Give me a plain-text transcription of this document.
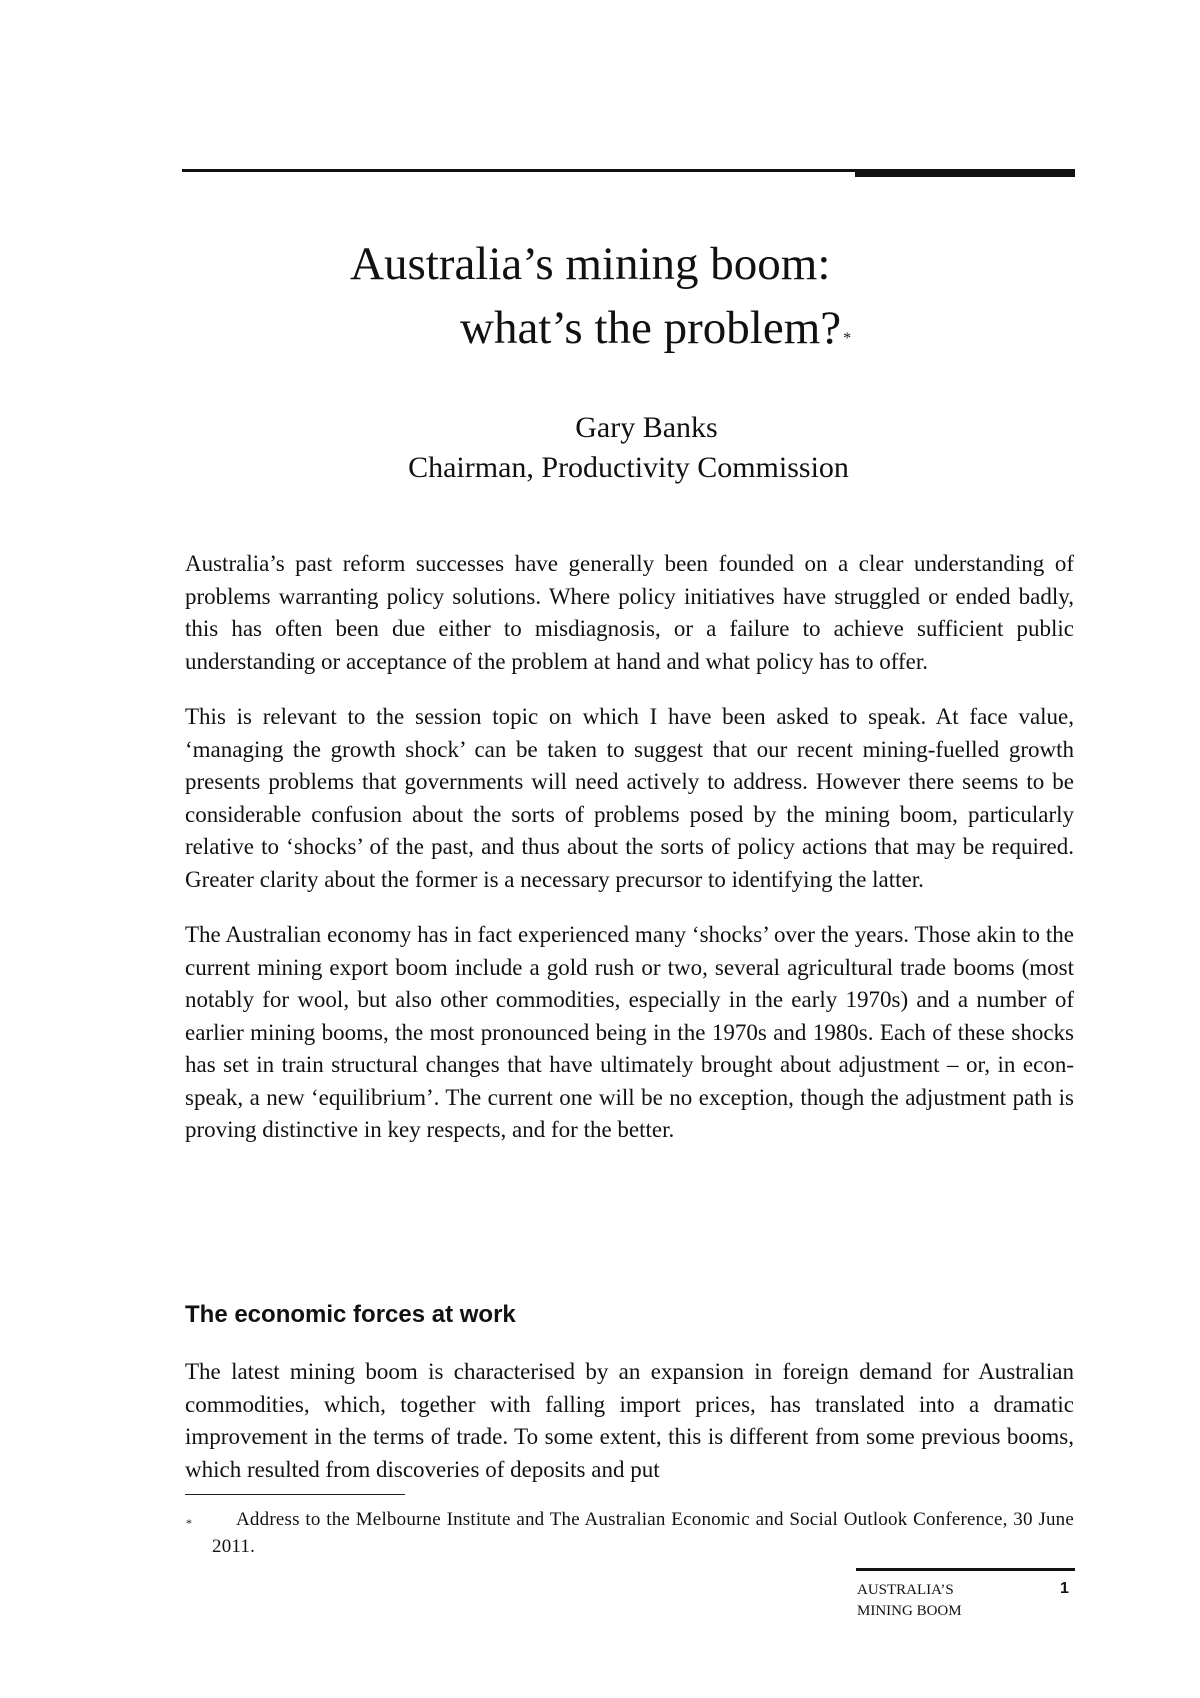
Australia’s mining boom:
what’s the problem? *
Gary Banks
Chairman, Productivity Commission

Australia’s past reform successes have generally been founded on a clear understanding of problems warranting policy solutions. Where policy initiatives have struggled or ended badly, this has often been due either to misdiagnosis, or a failure to achieve sufficient public understanding or acceptance of the problem at hand and what policy has to offer.

This is relevant to the session topic on which I have been asked to speak. At face value, ‘managing the growth shock’ can be taken to suggest that our recent mining-fuelled growth presents problems that governments will need actively to address. However there seems to be considerable confusion about the sorts of problems posed by the mining boom, particularly relative to ‘shocks’ of the past, and thus about the sorts of policy actions that may be required. Greater clarity about the former is a necessary precursor to identifying the latter.

The Australian economy has in fact experienced many ‘shocks’ over the years. Those akin to the current mining export boom include a gold rush or two, several agricultural trade booms (most notably for wool, but also other commodities, especially in the early 1970s) and a number of earlier mining booms, the most pronounced being in the 1970s and 1980s. Each of these shocks has set in train structural changes that have ultimately brought about adjustment – or, in econ-speak, a new ‘equilibrium’. The current one will be no exception, though the adjustment path is proving distinctive in key respects, and for the better.

The economic forces at work

The latest mining boom is characterised by an expansion in foreign demand for Australian commodities, which, together with falling import prices, has translated into a dramatic improvement in the terms of trade. To some extent, this is different from some previous booms, which resulted from discoveries of deposits and put

*	Address to the Melbourne Institute and The Australian Economic and Social Outlook Conference, 30 June 2011.
AUSTRALIA’S
MINING BOOM
1
